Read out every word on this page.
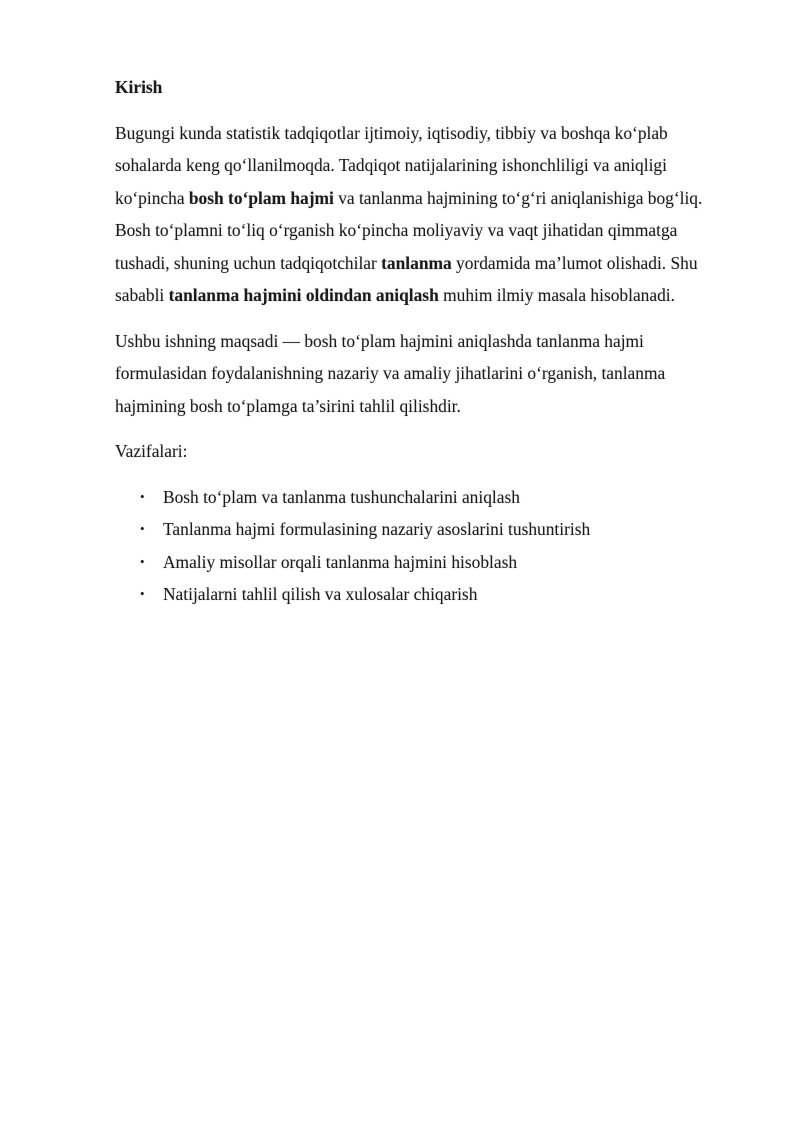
Kirish

Bugungi kunda statistik tadqiqotlar ijtimoiy, iqtisodiy, tibbiy va boshqa ko‘plab sohalarda keng qo‘llanilmoqda. Tadqiqot natijalarining ishonchliligi va aniqligi ko‘pincha bosh to‘plam hajmi va tanlanma hajmining to‘g‘ri aniqlanishiga bog‘liq. Bosh to‘plamni to‘liq o‘rganish ko‘pincha moliyaviy va vaqt jihatidan qimmatga tushadi, shuning uchun tadqiqotchilar tanlanma yordamida ma’lumot olishadi. Shu sababli tanlanma hajmini oldindan aniqlash muhim ilmiy masala hisoblanadi.

Ushbu ishning maqsadi — bosh to‘plam hajmini aniqlashda tanlanma hajmi formulasidan foydalanishning nazariy va amaliy jihatlarini o‘rganish, tanlanma hajmining bosh to‘plamga ta’sirini tahlil qilishdir.

Vazifalari:

• Bosh to‘plam va tanlanma tushunchalarini aniqlash
• Tanlanma hajmi formulasining nazariy asoslarini tushuntirish
• Amaliy misollar orqali tanlanma hajmini hisoblash
• Natijalarni tahlil qilish va xulosalar chiqarish
